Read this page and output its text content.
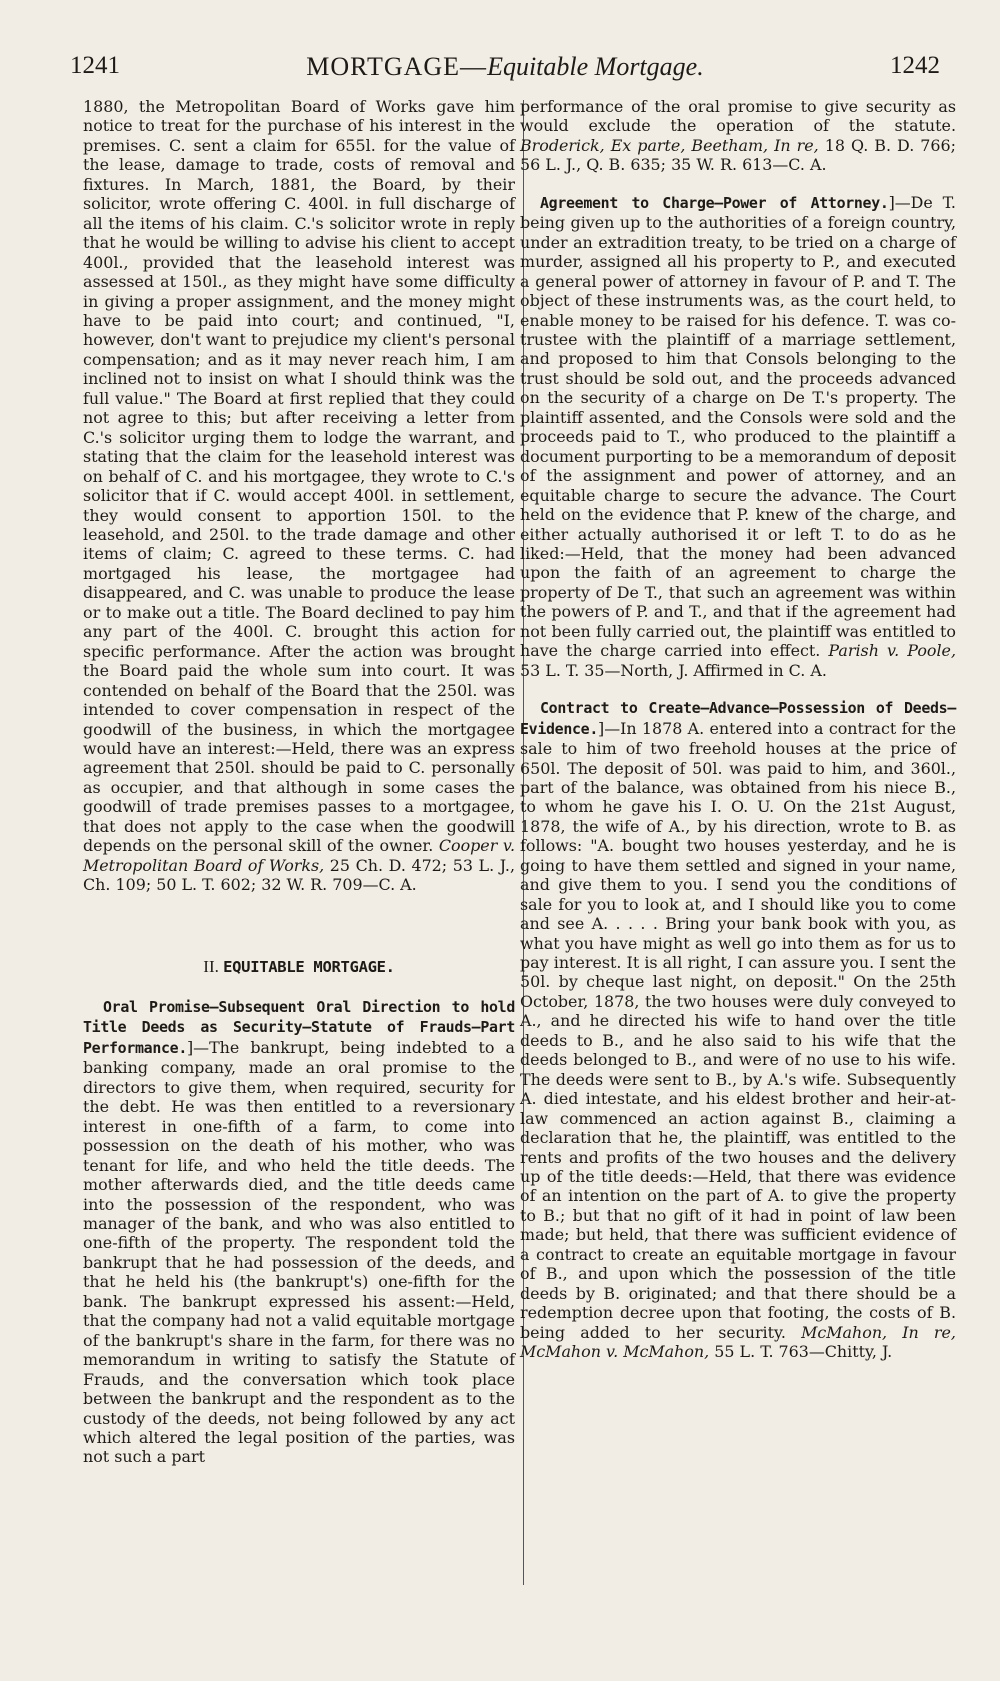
1241	MORTGAGE—Equitable Mortgage.	1242

1880, the Metropolitan Board of Works gave him notice to treat for the purchase of his interest in the premises. C. sent a claim for 655l. for the value of the lease, damage to trade, costs of removal and fixtures. In March, 1881, the Board, by their solicitor, wrote offering C. 400l. in full discharge of all the items of his claim. C.'s solicitor wrote in reply that he would be willing to advise his client to accept 400l., provided that the leasehold interest was assessed at 150l., as they might have some difficulty in giving a proper assignment, and the money might have to be paid into court; and continued, "I, however, don't want to prejudice my client's personal compensation; and as it may never reach him, I am inclined not to insist on what I should think was the full value." The Board at first replied that they could not agree to this; but after receiving a letter from C.'s solicitor urging them to lodge the warrant, and stating that the claim for the leasehold interest was on behalf of C. and his mortgagee, they wrote to C.'s solicitor that if C. would accept 400l. in settlement, they would consent to apportion 150l. to the leasehold, and 250l. to the trade damage and other items of claim; C. agreed to these terms. C. had mortgaged his lease, the mortgagee had disappeared, and C. was unable to produce the lease or to make out a title. The Board declined to pay him any part of the 400l. C. brought this action for specific performance. After the action was brought the Board paid the whole sum into court. It was contended on behalf of the Board that the 250l. was intended to cover compensation in respect of the goodwill of the business, in which the mortgagee would have an interest:—Held, there was an express agreement that 250l. should be paid to C. personally as occupier, and that although in some cases the goodwill of trade premises passes to a mortgagee, that does not apply to the case when the goodwill depends on the personal skill of the owner. Cooper v. Metropolitan Board of Works, 25 Ch. D. 472; 53 L. J., Ch. 109; 50 L. T. 602; 32 W. R. 709—C. A.

II. EQUITABLE MORTGAGE.

Oral Promise—Subsequent Oral Direction to hold Title Deeds as Security—Statute of Frauds—Part Performance.]—The bankrupt, being indebted to a banking company, made an oral promise to the directors to give them, when required, security for the debt. He was then entitled to a reversionary interest in one-fifth of a farm, to come into possession on the death of his mother, who was tenant for life, and who held the title deeds. The mother afterwards died, and the title deeds came into the possession of the respondent, who was manager of the bank, and who was also entitled to one-fifth of the property. The respondent told the bankrupt that he had possession of the deeds, and that he held his (the bankrupt's) one-fifth for the bank. The bankrupt expressed his assent:—Held, that the company had not a valid equitable mortgage of the bankrupt's share in the farm, for there was no memorandum in writing to satisfy the Statute of Frauds, and the conversation which took place between the bankrupt and the respondent as to the custody of the deeds, not being followed by any act which altered the legal position of the parties, was not such a part

performance of the oral promise to give security as would exclude the operation of the statute. Broderick, Ex parte, Beetham, In re, 18 Q. B. D. 766; 56 L. J., Q. B. 635; 35 W. R. 613—C. A.

Agreement to Charge—Power of Attorney.]—De T. being given up to the authorities of a foreign country, under an extradition treaty, to be tried on a charge of murder, assigned all his property to P., and executed a general power of attorney in favour of P. and T. The object of these instruments was, as the court held, to enable money to be raised for his defence. T. was co-trustee with the plaintiff of a marriage settlement, and proposed to him that Consols belonging to the trust should be sold out, and the proceeds advanced on the security of a charge on De T.'s property. The plaintiff assented, and the Consols were sold and the proceeds paid to T., who produced to the plaintiff a document purporting to be a memorandum of deposit of the assignment and power of attorney, and an equitable charge to secure the advance. The Court held on the evidence that P. knew of the charge, and either actually authorised it or left T. to do as he liked:—Held, that the money had been advanced upon the faith of an agreement to charge the property of De T., that such an agreement was within the powers of P. and T., and that if the agreement had not been fully carried out, the plaintiff was entitled to have the charge carried into effect. Parish v. Poole, 53 L. T. 35—North, J. Affirmed in C. A.

Contract to Create—Advance—Possession of Deeds—Evidence.]—In 1878 A. entered into a contract for the sale to him of two freehold houses at the price of 650l. The deposit of 50l. was paid to him, and 360l., part of the balance, was obtained from his niece B., to whom he gave his I. O. U. On the 21st August, 1878, the wife of A., by his direction, wrote to B. as follows: "A. bought two houses yesterday, and he is going to have them settled and signed in your name, and give them to you. I send you the conditions of sale for you to look at, and I should like you to come and see A. . . . . Bring your bank book with you, as what you have might as well go into them as for us to pay interest. It is all right, I can assure you. I sent the 50l. by cheque last night, on deposit." On the 25th October, 1878, the two houses were duly conveyed to A., and he directed his wife to hand over the title deeds to B., and he also said to his wife that the deeds belonged to B., and were of no use to his wife. The deeds were sent to B., by A.'s wife. Subsequently A. died intestate, and his eldest brother and heir-at-law commenced an action against B., claiming a declaration that he, the plaintiff, was entitled to the rents and profits of the two houses and the delivery up of the title deeds:—Held, that there was evidence of an intention on the part of A. to give the property to B.; but that no gift of it had in point of law been made; but held, that there was sufficient evidence of a contract to create an equitable mortgage in favour of B., and upon which the possession of the title deeds by B. originated; and that there should be a redemption decree upon that footing, the costs of B. being added to her security. McMahon, In re, McMahon v. McMahon, 55 L. T. 763—Chitty, J.
